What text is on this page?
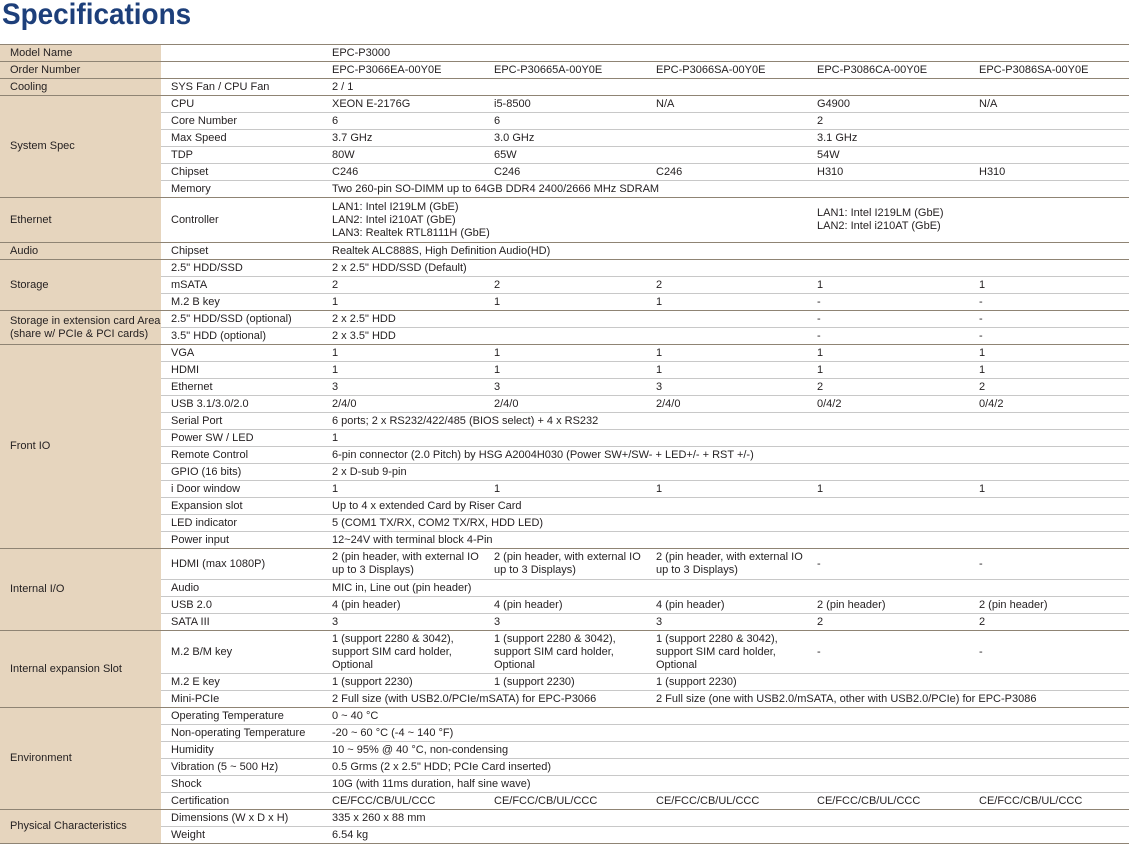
Specifications
Model Name		EPC-P3000				
Order Number		EPC-P3066EA-00Y0E	EPC-P30665A-00Y0E	EPC-P3066SA-00Y0E	EPC-P3086CA-00Y0E	EPC-P3086SA-00Y0E
Cooling	SYS Fan / CPU Fan	2 / 1				
System Spec	CPU	XEON E-2176G	i5-8500	N/A	G4900	N/A
	Core Number	6	6		2	
	Max Speed	3.7 GHz	3.0 GHz		3.1 GHz	
	TDP	80W	65W		54W	
	Chipset	C246	C246	C246	H310	H310
	Memory	Two 260-pin SO-DIMM up to 64GB DDR4 2400/2666 MHz SDRAM				
Ethernet	Controller	LAN1: Intel I219LM (GbE)
LAN2: Intel i210AT (GbE)
LAN3: Realtek RTL8111H (GbE)			LAN1: Intel I219LM (GbE)
LAN2: Intel i210AT (GbE)	

Audio	Chipset	Realtek ALC888S, High Definition Audio(HD)				
Storage	2.5" HDD/SSD	2 x 2.5" HDD/SSD (Default)				
	mSATA	2	2	2	1	1
	M.2 B key	1	1	1	-	-

Storage in extension card Area
(share w/ PCIe & PCI cards)	2.5" HDD/SSD (optional)	2 x 2.5" HDD			-	-
	3.5" HDD (optional)	2 x 3.5" HDD			-	-
Front IO	VGA	1	1	1	1	1
	HDMI	1	1	1	1	1
	Ethernet	3	3	3	2	2
	USB 3.1/3.0/2.0	2/4/0	2/4/0	2/4/0	0/4/2	0/4/2
	Serial Port	6 ports; 2 x RS232/422/485 (BIOS select) + 4 x RS232				
	Power SW / LED	1				
	Remote Control	6-pin connector (2.0 Pitch) by HSG A2004H030 (Power SW+/SW- + LED+/- + RST +/-)				
	GPIO (16 bits)	2 x D-sub 9-pin				
	i Door window	1	1	1	1	1
	Expansion slot	Up to 4 x extended Card by Riser Card				
	LED indicator	5 (COM1 TX/RX, COM2 TX/RX, HDD LED)				
	Power input	12~24V with terminal block 4-Pin				
Internal I/O	HDMI (max 1080P)	2 (pin header, with external IO
up to 3 Displays)	2 (pin header, with external IO
up to 3 Displays)	2 (pin header, with external IO
up to 3 Displays)	-	-
	Audio	MIC in, Line out (pin header)				
	USB 2.0	4 (pin header)	4 (pin header)	4 (pin header)	2 (pin header)	2 (pin header)
	SATA III	3	3	3	2	2
Internal expansion Slot	M.2 B/M key	1 (support 2280 & 3042),
support SIM card holder,
Optional	1 (support 2280 & 3042),
support SIM card holder,
Optional	1 (support 2280 & 3042),
support SIM card holder,
Optional	-	-
	M.2 E key	1 (support 2230)	1 (support 2230)	1 (support 2230)		
	Mini-PCIe	2 Full size (with USB2.0/PCIe/mSATA) for EPC-P3066		2 Full size (one with USB2.0/mSATA, other with USB2.0/PCIe) for EPC-P3086		
Environment	Operating Temperature	0 ~ 40 °C				
	Non-operating Temperature	-20 ~ 60 °C (-4 ~ 140 °F)				
	Humidity	10 ~ 95% @ 40 °C, non-condensing				
	Vibration (5 ~ 500 Hz)	0.5 Grms (2 x 2.5" HDD; PCIe Card inserted)				
	Shock	10G (with 11ms duration, half sine wave)				
	Certification	CE/FCC/CB/UL/CCC	CE/FCC/CB/UL/CCC	CE/FCC/CB/UL/CCC	CE/FCC/CB/UL/CCC	CE/FCC/CB/UL/CCC
Physical Characteristics	Dimensions (W x D x H)	335 x 260 x 88 mm				
	Weight	6.54 kg				
